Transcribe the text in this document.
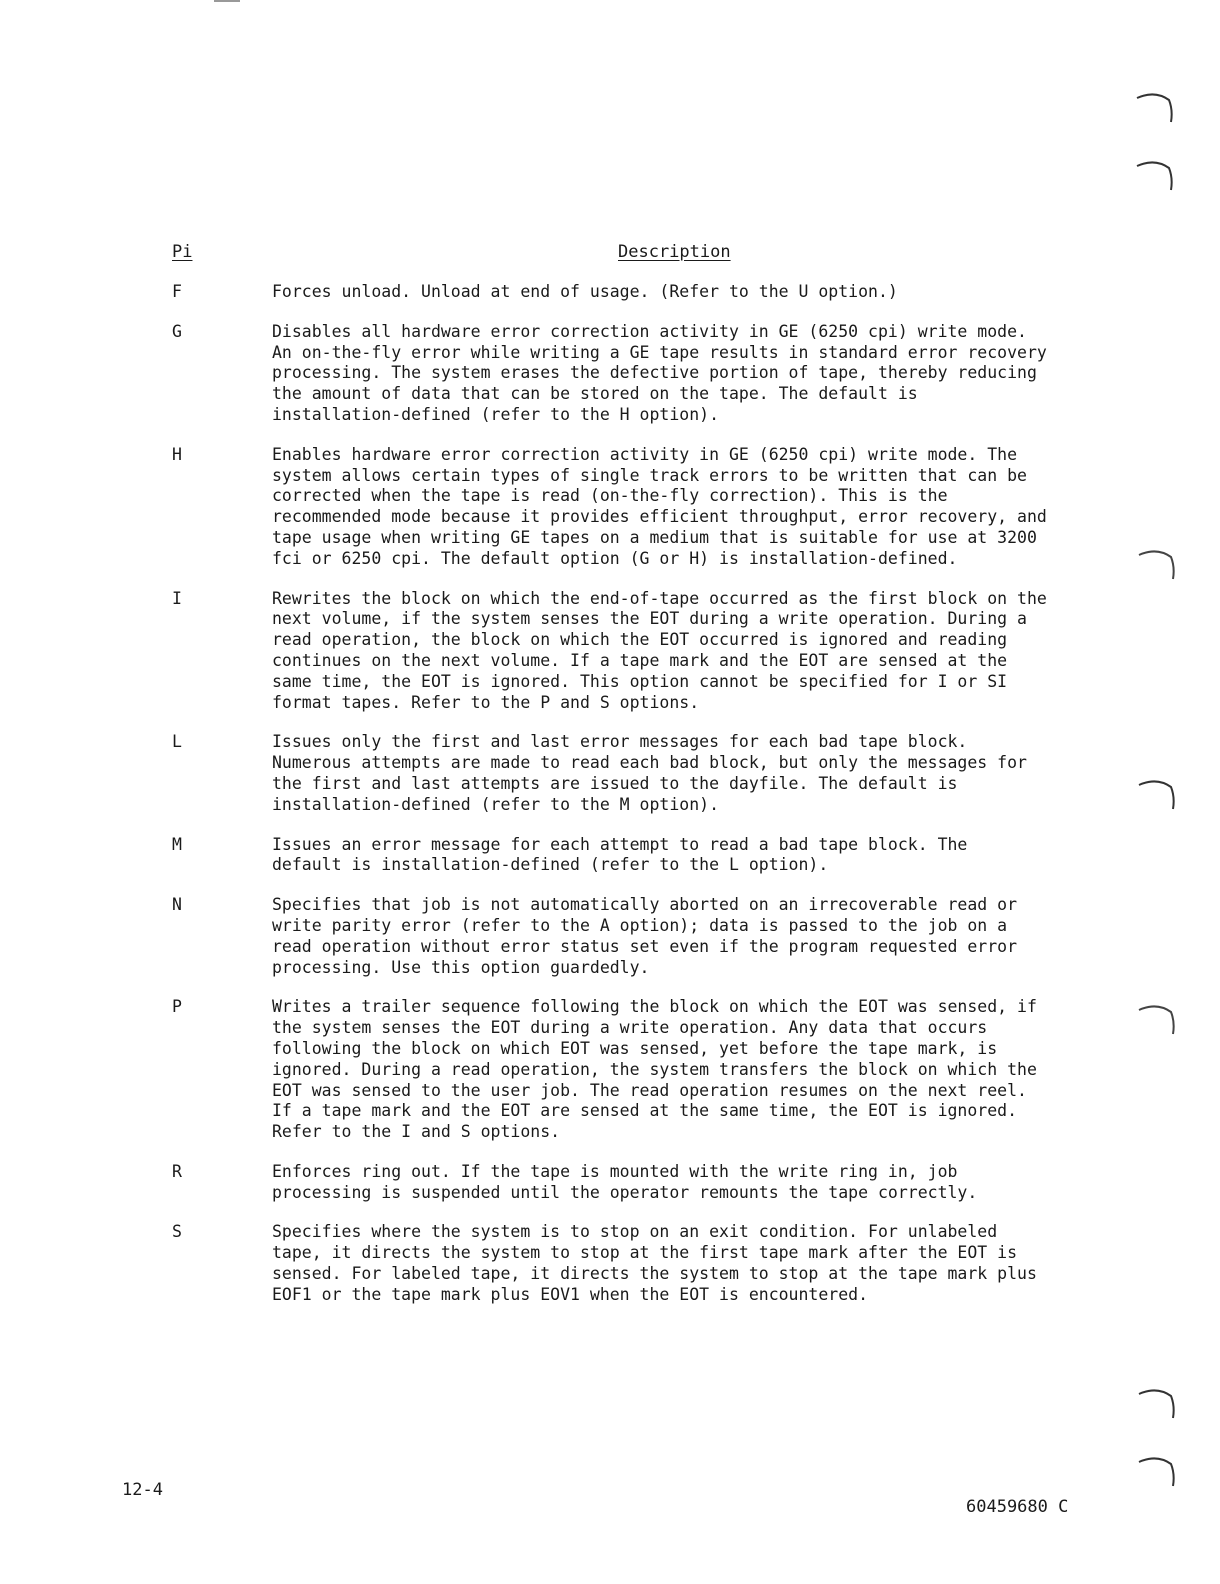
Pi	Description
F	Forces unload. Unload at end of usage. (Refer to the U option.)
G	Disables all hardware error correction activity in GE (6250 cpi) write mode.
An on-the-fly error while writing a GE tape results in standard error recovery
processing. The system erases the defective portion of tape, thereby reducing
the amount of data that can be stored on the tape. The default is
installation-defined (refer to the H option).
H	Enables hardware error correction activity in GE (6250 cpi) write mode. The
system allows certain types of single track errors to be written that can be
corrected when the tape is read (on-the-fly correction). This is the
recommended mode because it provides efficient throughput, error recovery, and
tape usage when writing GE tapes on a medium that is suitable for use at 3200
fci or 6250 cpi. The default option (G or H) is installation-defined.
I	Rewrites the block on which the end-of-tape occurred as the first block on the
next volume, if the system senses the EOT during a write operation. During a
read operation, the block on which the EOT occurred is ignored and reading
continues on the next volume. If a tape mark and the EOT are sensed at the
same time, the EOT is ignored. This option cannot be specified for I or SI
format tapes. Refer to the P and S options.
L	Issues only the first and last error messages for each bad tape block.
Numerous attempts are made to read each bad block, but only the messages for
the first and last attempts are issued to the dayfile. The default is
installation-defined (refer to the M option).
M	Issues an error message for each attempt to read a bad tape block. The
default is installation-defined (refer to the L option).
N	Specifies that job is not automatically aborted on an irrecoverable read or
write parity error (refer to the A option); data is passed to the job on a
read operation without error status set even if the program requested error
processing. Use this option guardedly.
P	Writes a trailer sequence following the block on which the EOT was sensed, if
the system senses the EOT during a write operation. Any data that occurs
following the block on which EOT was sensed, yet before the tape mark, is
ignored. During a read operation, the system transfers the block on which the
EOT was sensed to the user job. The read operation resumes on the next reel.
If a tape mark and the EOT are sensed at the same time, the EOT is ignored.
Refer to the I and S options.
R	Enforces ring out. If the tape is mounted with the write ring in, job
processing is suspended until the operator remounts the tape correctly.
S	Specifies where the system is to stop on an exit condition. For unlabeled
tape, it directs the system to stop at the first tape mark after the EOT is
sensed. For labeled tape, it directs the system to stop at the tape mark plus
EOF1 or the tape mark plus EOV1 when the EOT is encountered.
12-4
60459680 C
